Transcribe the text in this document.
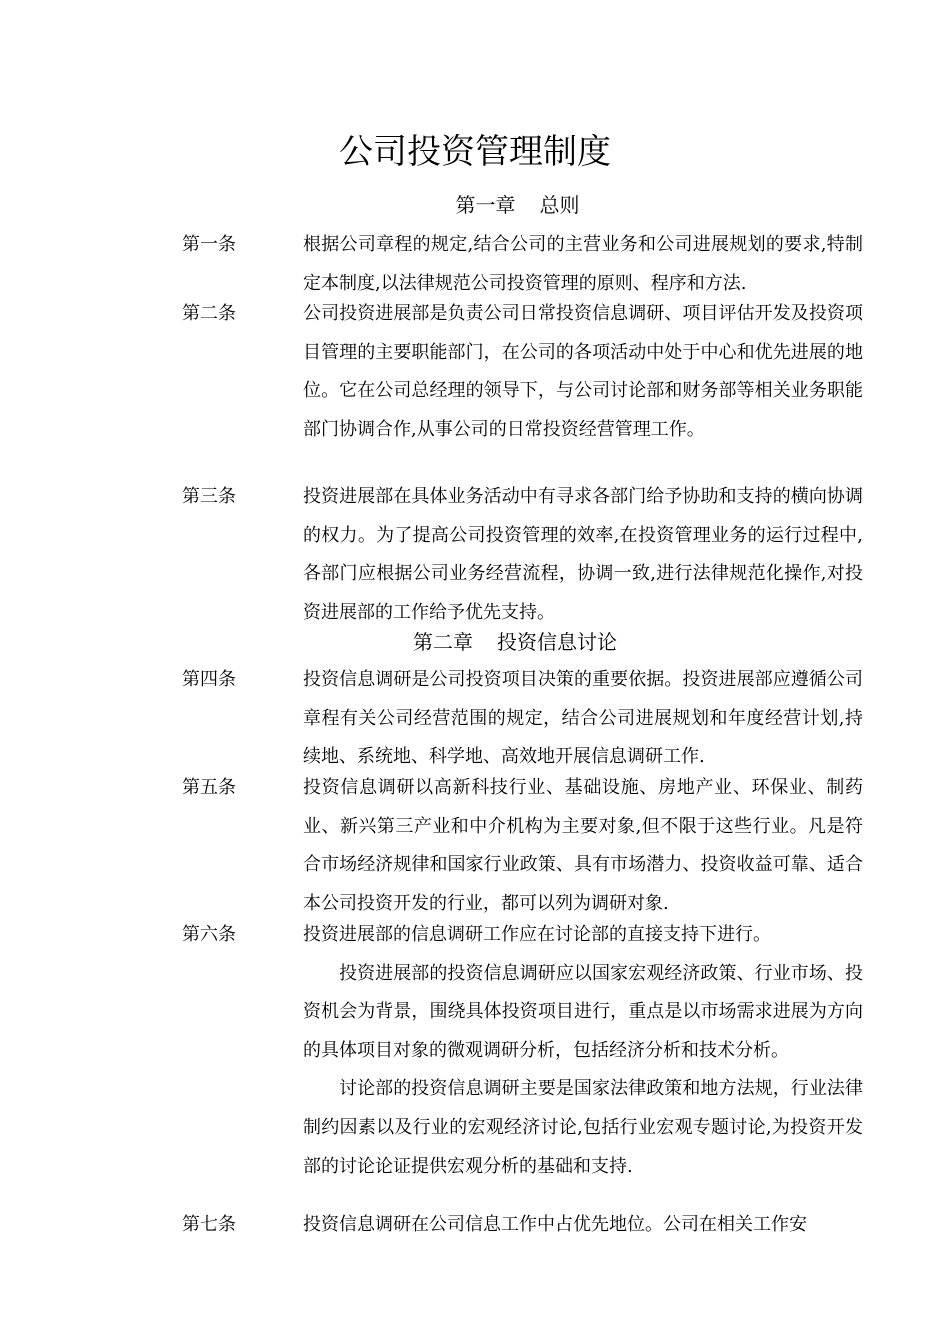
公司投资管理制度
第一章 总则
第一条	根据公司章程的规定,结合公司的主营业务和公司进展规划的要求,特制定本制度,以法律规范公司投资管理的原则、程序和方法.

第二条	公司投资进展部是负责公司日常投资信息调研、项目评估开发及投资项目管理的主要职能部门，在公司的各项活动中处于中心和优先进展的地位。它在公司总经理的领导下，与公司讨论部和财务部等相关业务职能部门协调合作,从事公司的日常投资经营管理工作。

第三条	投资进展部在具体业务活动中有寻求各部门给予协助和支持的横向协调的权力。为了提高公司投资管理的效率,在投资管理业务的运行过程中,各部门应根据公司业务经营流程，协调一致,进行法律规范化操作,对投资进展部的工作给予优先支持。

第二章 投资信息讨论
第四条	投资信息调研是公司投资项目决策的重要依据。投资进展部应遵循公司章程有关公司经营范围的规定，结合公司进展规划和年度经营计划,持续地、系统地、科学地、高效地开展信息调研工作.

第五条	投资信息调研以高新科技行业、基础设施、房地产业、环保业、制药业、新兴第三产业和中介机构为主要对象,但不限于这些行业。凡是符合市场经济规律和国家行业政策、具有市场潜力、投资收益可靠、适合本公司投资开发的行业，都可以列为调研对象.

第六条	投资进展部的信息调研工作应在讨论部的直接支持下进行。

投资进展部的投资信息调研应以国家宏观经济政策、行业市场、投资机会为背景，围绕具体投资项目进行，重点是以市场需求进展为方向的具体项目对象的微观调研分析，包括经济分析和技术分析。

讨论部的投资信息调研主要是国家法律政策和地方法规，行业法律制约因素以及行业的宏观经济讨论,包括行业宏观专题讨论,为投资开发部的讨论论证提供宏观分析的基础和支持.

第七条	投资信息调研在公司信息工作中占优先地位。公司在相关工作安
